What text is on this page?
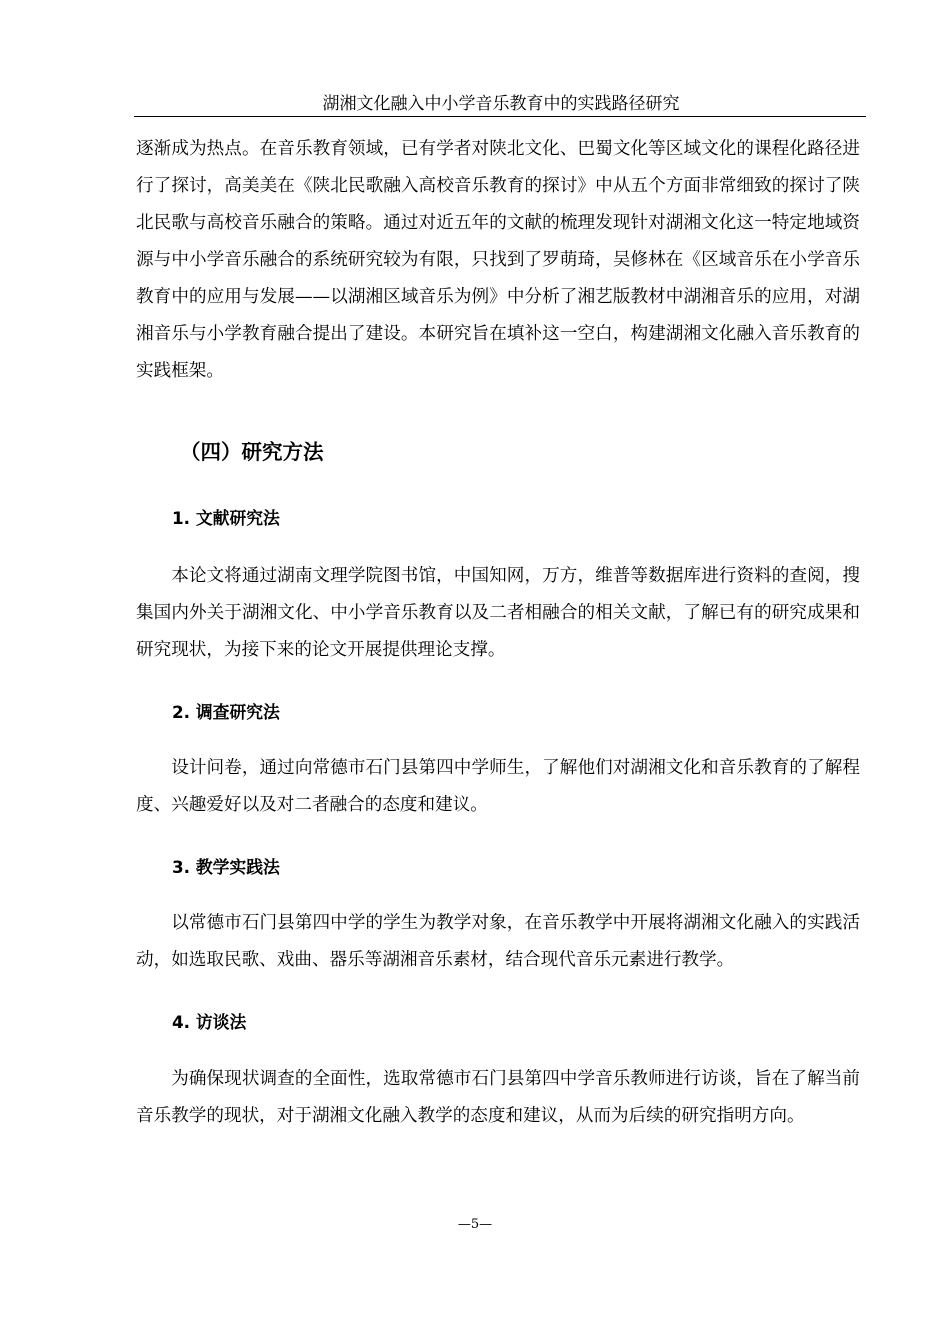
湖湘文化融入中小学音乐教育中的实践路径研究

逐渐成为热点。在音乐教育领域，已有学者对陕北文化、巴蜀文化等区域文化的课程化路径进行了探讨，高美美在《陕北民歌融入高校音乐教育的探讨》中从五个方面非常细致的探讨了陕北民歌与高校音乐融合的策略。通过对近五年的文献的梳理发现针对湖湘文化这一特定地域资源与中小学音乐融合的系统研究较为有限，只找到了罗萌琦，吴修林在《区域音乐在小学音乐教育中的应用与发展——以湖湘区域音乐为例》中分析了湘艺版教材中湖湘音乐的应用，对湖湘音乐与小学教育融合提出了建设。本研究旨在填补这一空白，构建湖湘文化融入音乐教育的实践框架。

（四）研究方法
1. 文献研究法

本论文将通过湖南文理学院图书馆，中国知网，万方，维普等数据库进行资料的查阅，搜集国内外关于湖湘文化、中小学音乐教育以及二者相融合的相关文献，了解已有的研究成果和研究现状，为接下来的论文开展提供理论支撑。

2. 调查研究法

设计问卷，通过向常德市石门县第四中学师生，了解他们对湖湘文化和音乐教育的了解程度、兴趣爱好以及对二者融合的态度和建议。

3. 教学实践法

以常德市石门县第四中学的学生为教学对象，在音乐教学中开展将湖湘文化融入的实践活动，如选取民歌、戏曲、器乐等湖湘音乐素材，结合现代音乐元素进行教学。

4. 访谈法

为确保现状调查的全面性，选取常德市石门县第四中学音乐教师进行访谈，旨在了解当前音乐教学的现状，对于湖湘文化融入教学的态度和建议，从而为后续的研究指明方向。

—5—
